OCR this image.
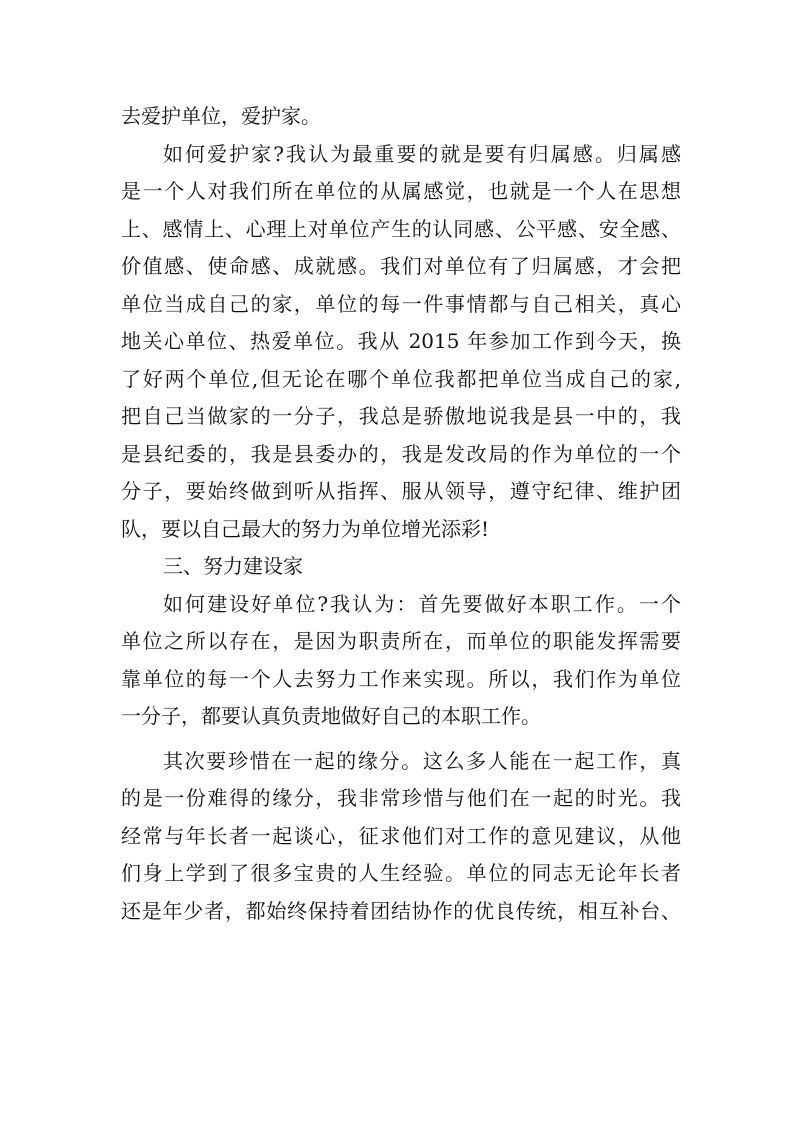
去爱护单位，爱护家。
如何爱护家?我认为最重要的就是要有归属感。归属感
是一个人对我们所在单位的从属感觉，也就是一个人在思想
上、感情上、心理上对单位产生的认同感、公平感、安全感、
价值感、使命感、成就感。我们对单位有了归属感，才会把
单位当成自己的家，单位的每一件事情都与自己相关，真心
地关心单位、热爱单位。我从 2015 年参加工作到今天，换
了好两个单位,但无论在哪个单位我都把单位当成自己的家,
把自己当做家的一分子，我总是骄傲地说我是县一中的，我
是县纪委的，我是县委办的，我是发改局的作为单位的一个
分子，要始终做到听从指挥、服从领导，遵守纪律、维护团
队，要以自己最大的努力为单位增光添彩!
三、努力建设家
如何建设好单位?我认为：首先要做好本职工作。一个
单位之所以存在，是因为职责所在，而单位的职能发挥需要
靠单位的每一个人去努力工作来实现。所以，我们作为单位
一分子，都要认真负责地做好自己的本职工作。
其次要珍惜在一起的缘分。这么多人能在一起工作，真
的是一份难得的缘分，我非常珍惜与他们在一起的时光。我
经常与年长者一起谈心，征求他们对工作的意见建议，从他
们身上学到了很多宝贵的人生经验。单位的同志无论年长者
还是年少者，都始终保持着团结协作的优良传统，相互补台、
